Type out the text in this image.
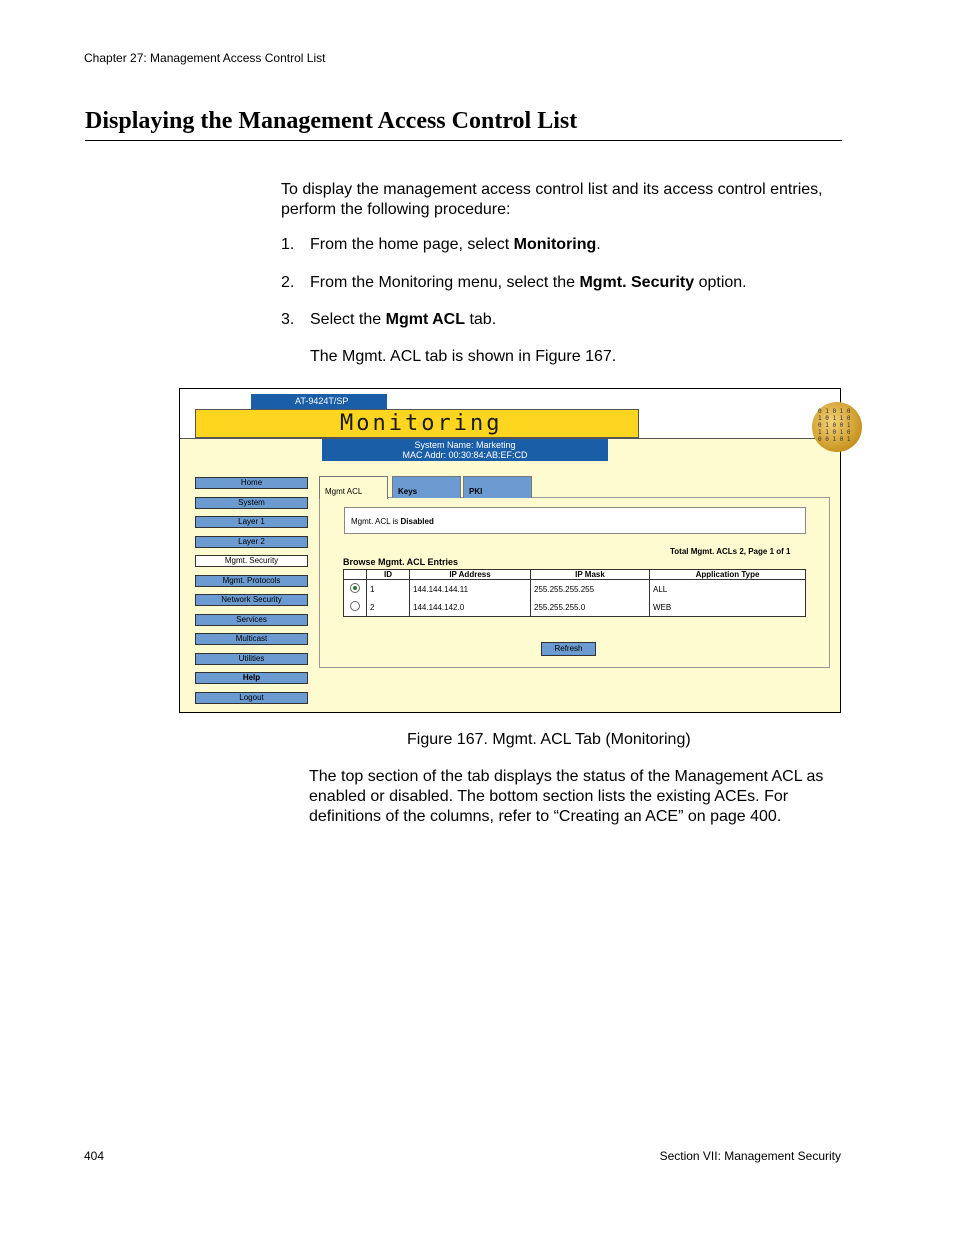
Chapter 27: Management Access Control List
Displaying the Management Access Control List
To display the management access control list and its access control entries, perform the following procedure:
1. From the home page, select Monitoring.
2. From the Monitoring menu, select the Mgmt. Security option.
3. Select the Mgmt ACL tab.
The Mgmt. ACL tab is shown in Figure 167.
AT-9424T/SP
Monitoring
System Name: Marketing
MAC Addr: 00:30:84:AB:EF:CD
0 1 0 1 0
1 0 1 1 0
0 1 0 0 1
1 1 0 1 0
0 0 1 0 1
Home
System
Layer 1
Layer 2
Mgmt. Security
Mgmt. Protocols
Network Security
Services
Multicast
Utilities
Help
Logout
Mgmt ACL	Keys	PKI
Mgmt. ACL is Disabled
Total Mgmt. ACLs 2, Page 1 of 1
Browse Mgmt. ACL Entries
	ID	IP Address	IP Mask	Application Type
	1	144.144.144.11	255.255.255.255	ALL
	2	144.144.142.0	255.255.255.0	WEB
Refresh
Figure 167. Mgmt. ACL Tab (Monitoring)
The top section of the tab displays the status of the Management ACL as enabled or disabled. The bottom section lists the existing ACEs. For definitions of the columns, refer to “Creating an ACE” on page 400.
404	Section VII: Management Security
